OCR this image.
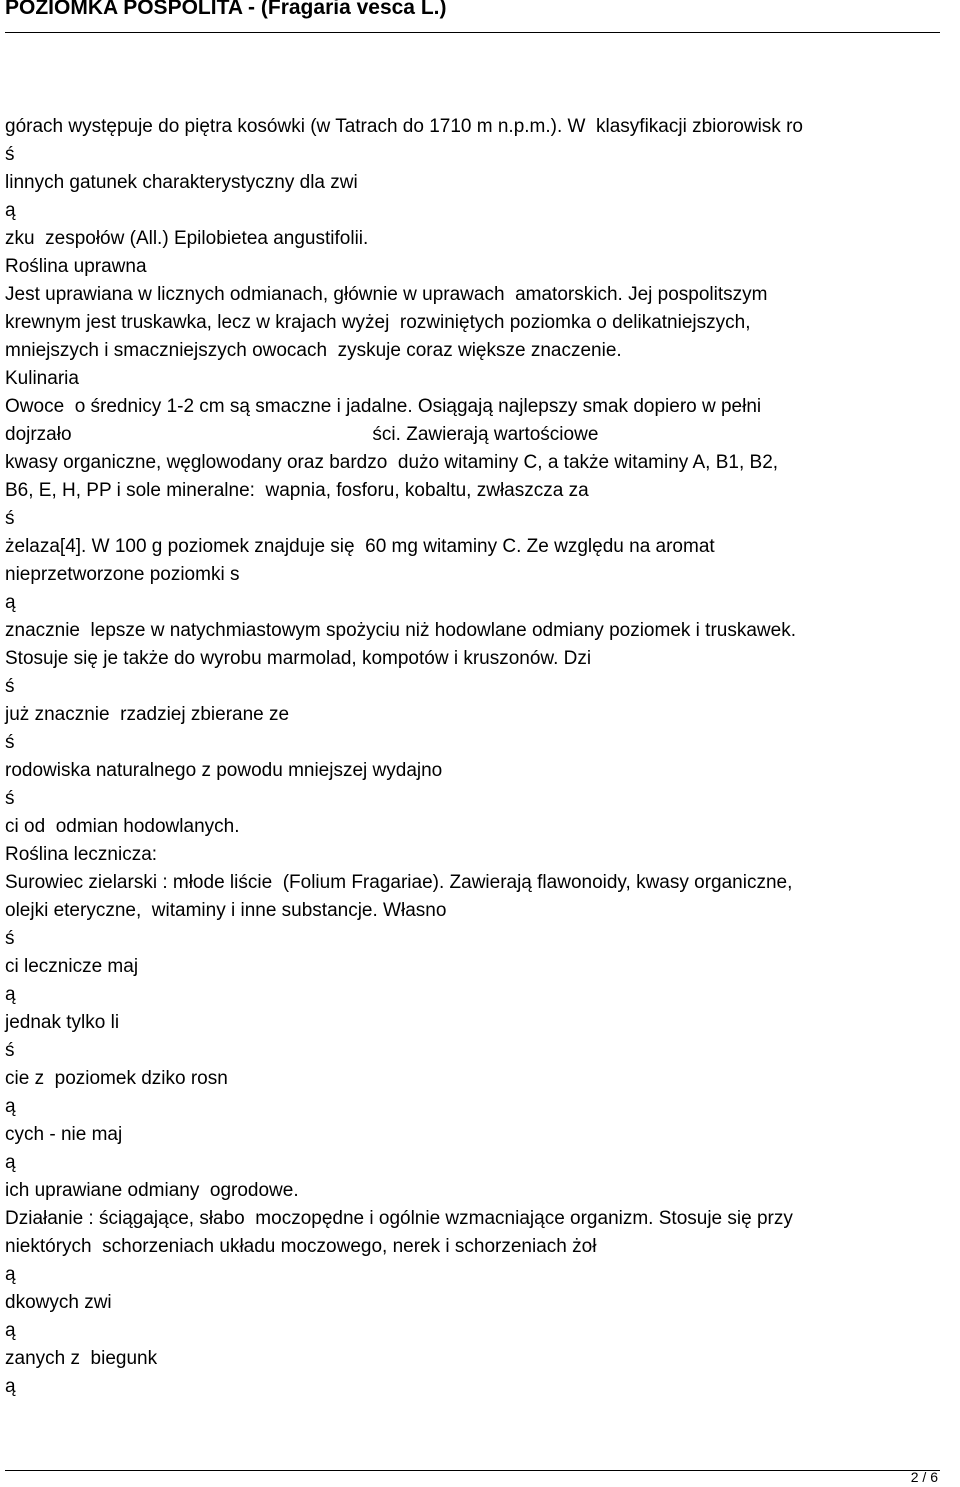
POZIOMKA POSPOLITA - (Fragaria vesca L.)
górach występuje do piętra kosówki (w Tatrach do 1710 m n.p.m.). W  klasyfikacji zbiorowisk ro
ś
linnych gatunek charakterystyczny dla zwi
ą
zku  zespołów (All.) Epilobietea angustifolii.
Roślina uprawna
Jest uprawiana w licznych odmianach, głównie w uprawach  amatorskich. Jej pospolitszym
krewnym jest truskawka, lecz w krajach wyżej  rozwiniętych poziomka o delikatniejszych,
mniejszych i smaczniejszych owocach  zyskuje coraz większe znaczenie.
Kulinaria
Owoce  o średnicy 1-2 cm są smaczne i jadalne. Osiągają najlepszy smak dopiero w pełni
dojrzało                                                         ści. Zawierają wartościowe
kwasy organiczne, węglowodany oraz bardzo  dużo witaminy C, a także witaminy A, B1, B2,
B6, E, H, PP i sole mineralne:  wapnia, fosforu, kobaltu, zwłaszcza za
ś
żelaza[4]. W 100 g poziomek znajduje się  60 mg witaminy C. Ze względu na aromat
nieprzetworzone poziomki s
ą
znacznie  lepsze w natychmiastowym spożyciu niż hodowlane odmiany poziomek i truskawek.
Stosuje się je także do wyrobu marmolad, kompotów i kruszonów. Dzi
ś
już znacznie  rzadziej zbierane ze
ś
rodowiska naturalnego z powodu mniejszej wydajno
ś
ci od  odmian hodowlanych.
Roślina lecznicza:
Surowiec zielarski : młode liście  (Folium Fragariae). Zawierają flawonoidy, kwasy organiczne,
olejki eteryczne,  witaminy i inne substancje. Własno
ś
ci lecznicze maj
ą
jednak tylko li
ś
cie z  poziomek dziko rosn
ą
cych - nie maj
ą
ich uprawiane odmiany  ogrodowe.
Działanie : ściągające, słabo  moczopędne i ogólnie wzmacniające organizm. Stosuje się przy
niektórych  schorzeniach układu moczowego, nerek i schorzeniach żoł
ą
dkowych zwi
ą
zanych z  biegunk
ą
2 / 6
